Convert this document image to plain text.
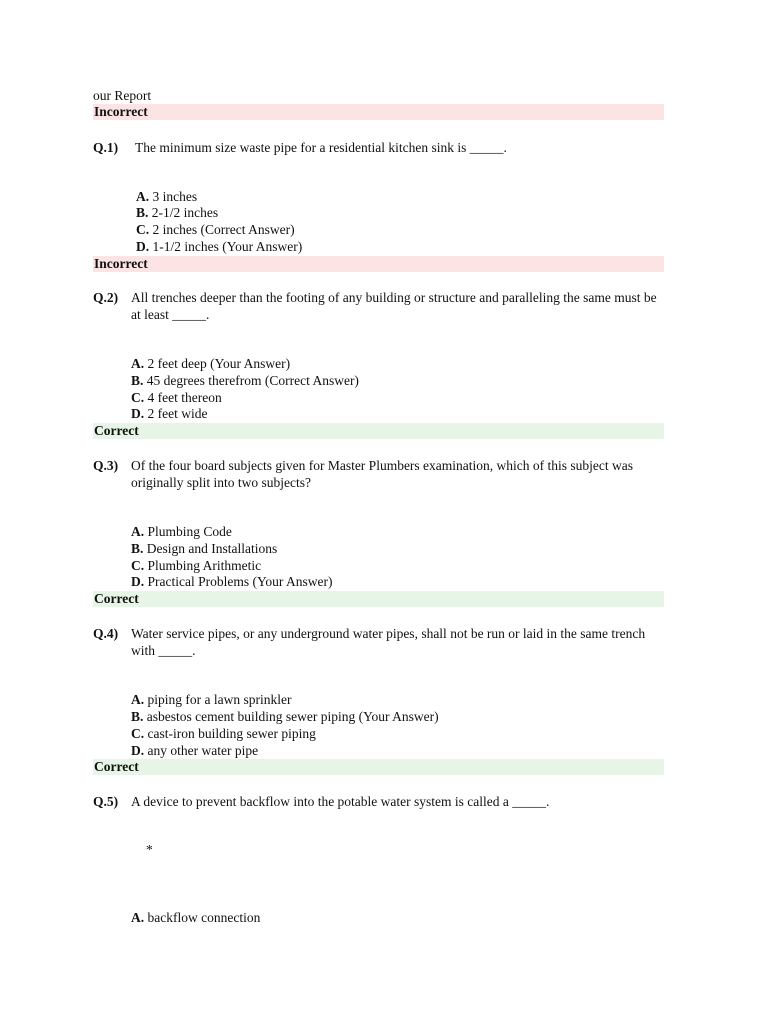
our Report
Incorrect
Q.1) The minimum size waste pipe for a residential kitchen sink is _____.
A. 3 inches
B. 2-1/2 inches
C. 2 inches (Correct Answer)
D. 1-1/2 inches (Your Answer)
Incorrect
Q.2) All trenches deeper than the footing of any building or structure and paralleling the same must be at least _____.
A. 2 feet deep (Your Answer)
B. 45 degrees therefrom (Correct Answer)
C. 4 feet thereon
D. 2 feet wide
Correct
Q.3) Of the four board subjects given for Master Plumbers examination, which of this subject was originally split into two subjects?
A. Plumbing Code
B. Design and Installations
C. Plumbing Arithmetic
D. Practical Problems (Your Answer)
Correct
Q.4) Water service pipes, or any underground water pipes, shall not be run or laid in the same trench with _____.
A. piping for a lawn sprinkler
B. asbestos cement building sewer piping (Your Answer)
C. cast-iron building sewer piping
D. any other water pipe
Correct
Q.5) A device to prevent backflow into the potable water system is called a _____.
*
A. backflow connection
